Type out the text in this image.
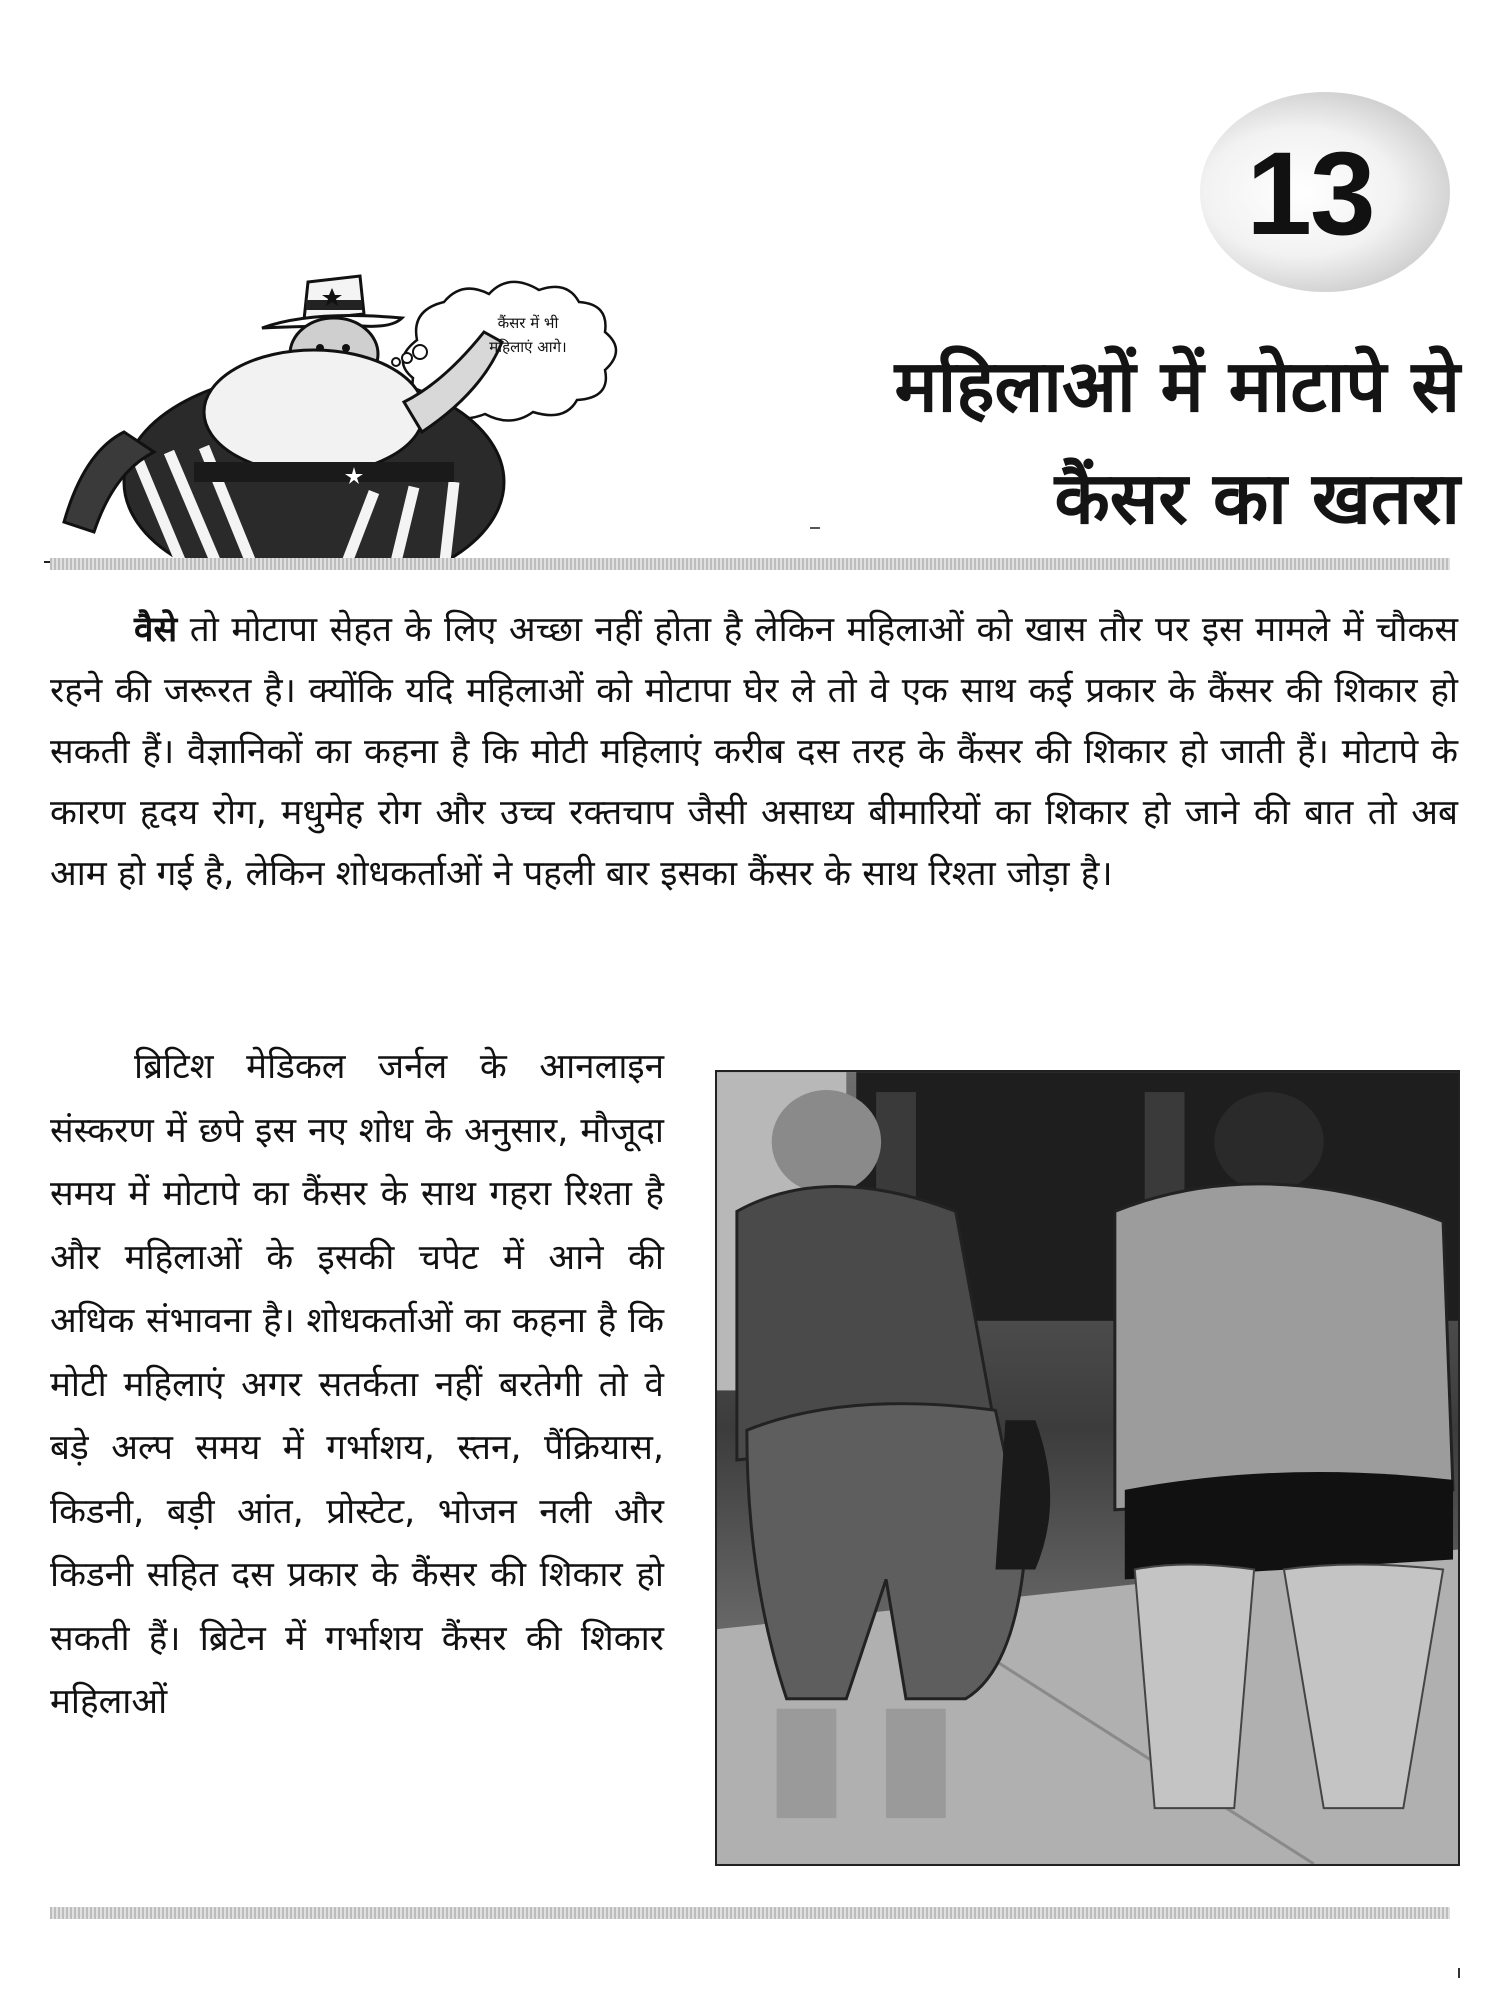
13
कैंसर में भी
महिलाएं आगे।	महिलाओं में मोटापे से
कैंसर का खतरा

वैसे तो मोटापा सेहत के लिए अच्छा नहीं होता है लेकिन महिलाओं को खास तौर पर इस मामले में चौकस रहने की जरूरत है। क्योंकि यदि महिलाओं को मोटापा घेर ले तो वे एक साथ कई प्रकार के कैंसर की शिकार हो सकती हैं। वैज्ञानिकों का कहना है कि मोटी महिलाएं करीब दस तरह के कैंसर की शिकार हो जाती हैं। मोटापे के कारण हृदय रोग, मधुमेह रोग और उच्च रक्तचाप जैसी असाध्य बीमारियों का शिकार हो जाने की बात तो अब आम हो गई है, लेकिन शोधकर्ताओं ने पहली बार इसका कैंसर के साथ रिश्ता जोड़ा है।

ब्रिटिश मेडिकल जर्नल के आनलाइन संस्करण में छपे इस नए शोध के अनुसार, मौजूदा समय में मोटापे का कैंसर के साथ गहरा रिश्ता है और महिलाओं के इसकी चपेट में आने की अधिक संभावना है। शोधकर्ताओं का कहना है कि मोटी महिलाएं अगर सतर्कता नहीं बरतेगी तो वे बड़े अल्प समय में गर्भाशय, स्तन, पैंक्रियास, किडनी, बड़ी आंत, प्रोस्टेट, भोजन नली और किडनी सहित दस प्रकार के कैंसर की शिकार हो सकती हैं। ब्रिटेन में गर्भाशय कैंसर की शिकार महिलाओं
